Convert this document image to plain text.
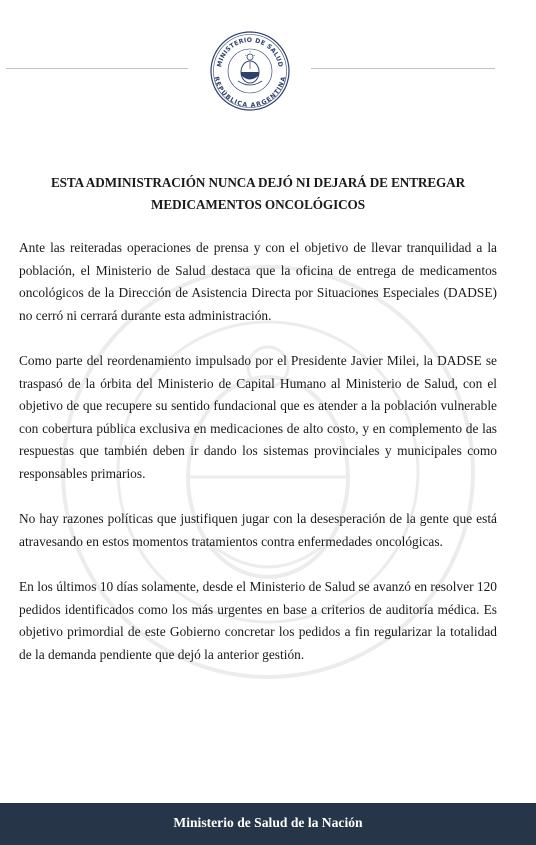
MINISTERIO DE SALUD
REPÚBLICA ARGENTINA
ESTA ADMINISTRACIÓN NUNCA DEJÓ NI DEJARÁ DE ENTREGAR
MEDICAMENTOS ONCOLÓGICOS

Ante las reiteradas operaciones de prensa y con el objetivo de llevar tranquilidad a la población, el Ministerio de Salud destaca que la oficina de entrega de medicamentos oncológicos de la Dirección de Asistencia Directa por Situaciones Especiales (DADSE) no cerró ni cerrará durante esta administración.

Como parte del reordenamiento impulsado por el Presidente Javier Milei, la DADSE se traspasó de la órbita del Ministerio de Capital Humano al Ministerio de Salud, con el objetivo de que recupere su sentido fundacional que es atender a la población vulnerable con cobertura pública exclusiva en medicaciones de alto costo, y en complemento de las respuestas que también deben ir dando los sistemas provinciales y municipales como responsables primarios.

No hay razones políticas que justifiquen jugar con la desesperación de la gente que está atravesando en estos momentos tratamientos contra enfermedades oncológicas.

En los últimos 10 días solamente, desde el Ministerio de Salud se avanzó en resolver 120 pedidos identificados como los más urgentes en base a criterios de auditoría médica. Es objetivo primordial de este Gobierno concretar los pedidos a fin regularizar la totalidad de la demanda pendiente que dejó la anterior gestión.

Ministerio de Salud de la Nación
